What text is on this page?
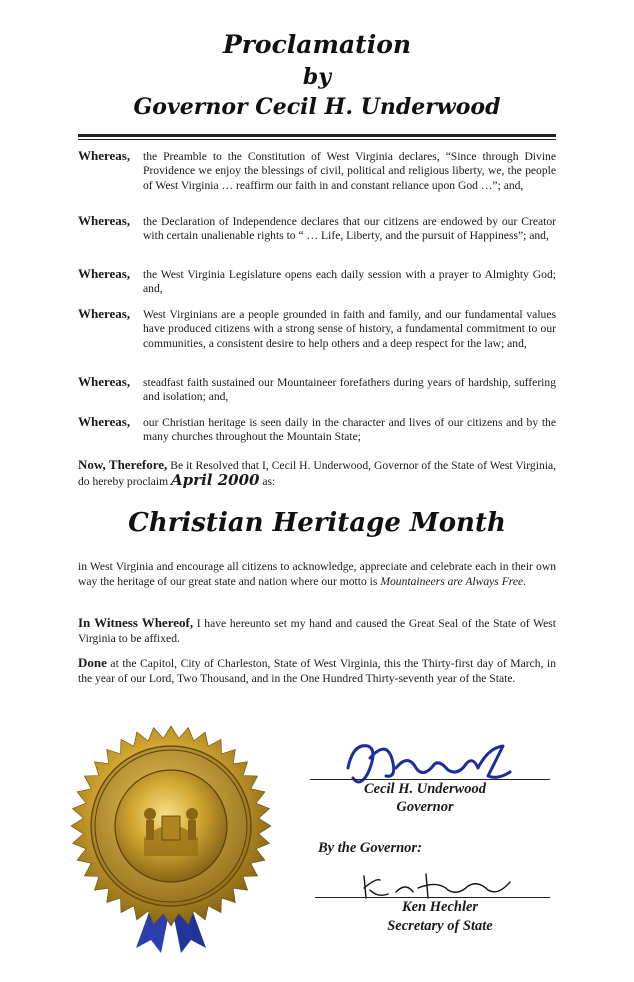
Proclamation
by
Governor Cecil H. Underwood
Whereas, the Preamble to the Constitution of West Virginia declares, “Since through Divine Providence we enjoy the blessings of civil, political and religious liberty, we, the people of West Virginia … reaffirm our faith in and constant reliance upon God …”; and,
Whereas, the Declaration of Independence declares that our citizens are endowed by our Creator with certain unalienable rights to “ … Life, Liberty, and the pursuit of Happiness”; and,
Whereas, the West Virginia Legislature opens each daily session with a prayer to Almighty God; and,
Whereas, West Virginians are a people grounded in faith and family, and our fundamental values have produced citizens with a strong sense of history, a fundamental commitment to our communities, a consistent desire to help others and a deep respect for the law; and,
Whereas, steadfast faith sustained our Mountaineer forefathers during years of hardship, suffering and isolation; and,
Whereas, our Christian heritage is seen daily in the character and lives of our citizens and by the many churches throughout the Mountain State;
Now, Therefore, Be it Resolved that I, Cecil H. Underwood, Governor of the State of West Virginia, do hereby proclaim April 2000 as:
Christian Heritage Month
in West Virginia and encourage all citizens to acknowledge, appreciate and celebrate each in their own way the heritage of our great state and nation where our motto is Mountaineers are Always Free.
In Witness Whereof, I have hereunto set my hand and caused the Great Seal of the State of West Virginia to be affixed.
Done at the Capitol, City of Charleston, State of West Virginia, this the Thirty-first day of March, in the year of our Lord, Two Thousand, and in the One Hundred Thirty-seventh year of the State.
Cecil H. Underwood
Governor
By the Governor:
Ken Hechler
Secretary of State
